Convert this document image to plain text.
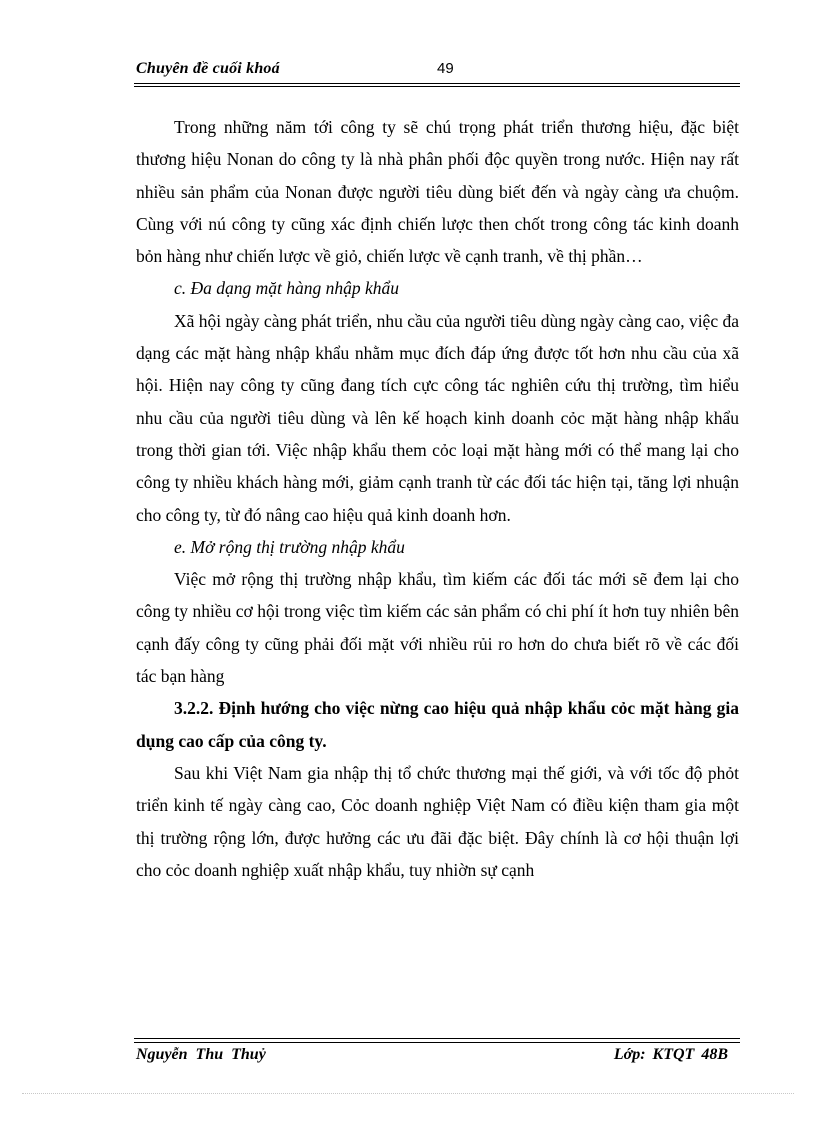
Chuyên đề cuối khoá	49

Trong những năm tới công ty sẽ chú trọng phát triển thương hiệu, đặc biệt thương hiệu Nonan do công ty là nhà phân phối độc quyền trong nước. Hiện nay rất nhiều sản phẩm của Nonan được người tiêu dùng biết đến và ngày càng ưa chuộm. Cùng với nú công ty cũng xác định chiến lược then chốt trong công tác kinh doanh bỏn hàng như chiến lược về giỏ, chiến lược về cạnh tranh, về thị phần…

c. Đa dạng mặt hàng nhập khẩu

Xã hội ngày càng phát triển, nhu cầu của người tiêu dùng ngày càng cao, việc đa dạng các mặt hàng nhập khẩu nhằm mục đích đáp ứng được tốt hơn nhu cầu của xã hội. Hiện nay công ty cũng đang tích cực công tác nghiên cứu thị trường, tìm hiểu nhu cầu của người tiêu dùng và lên kế hoạch kinh doanh cỏc mặt hàng nhập khẩu trong thời gian tới. Việc nhập khẩu them cỏc loại mặt hàng mới có thể mang lại cho công ty nhiều khách hàng mới, giảm cạnh tranh từ các đối tác hiện tại, tăng lợi nhuận cho công ty, từ đó nâng cao hiệu quả kinh doanh hơn.

e. Mở rộng thị trường nhập khẩu

Việc mở rộng thị trường nhập khẩu, tìm kiếm các đối tác mới sẽ đem lại cho công ty nhiều cơ hội trong việc tìm kiếm các sản phẩm có chi phí ít hơn tuy nhiên bên cạnh đấy công ty cũng phải đối mặt với nhiều rủi ro hơn do chưa biết rõ về các đối tác bạn hàng

3.2.2. Định hướng cho việc nừng cao hiệu quả nhập khẩu cỏc mặt hàng gia dụng cao cấp của công ty.

Sau khi Việt Nam gia nhập thị tổ chức thương mại thế giới, và với tốc độ phỏt triển kinh tế ngày càng cao, Cỏc doanh nghiệp Việt Nam có điều kiện tham gia một thị trường rộng lớn, được hưởng các ưu đãi đặc biệt. Đây chính là cơ hội thuận lợi cho cỏc doanh nghiệp xuất nhập khẩu, tuy nhiờn sự cạnh

Nguyễn Thu Thuỷ	Lớp: KTQT 48B
